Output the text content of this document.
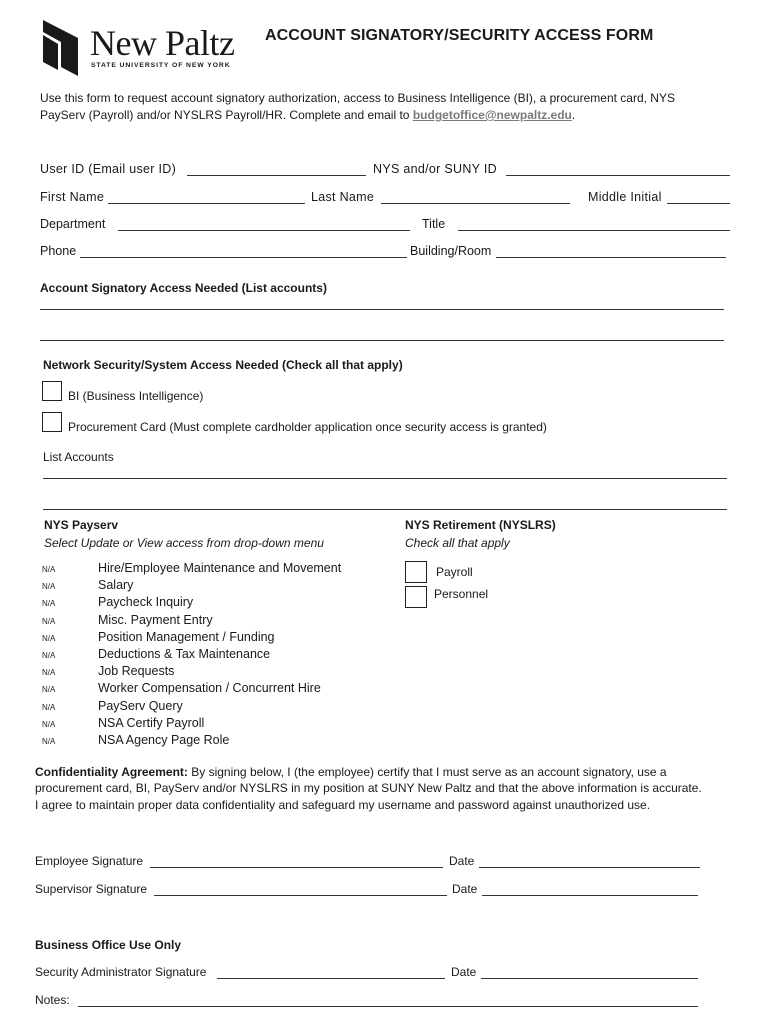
New Paltz
STATE UNIVERSITY OF NEW YORK
ACCOUNT SIGNATORY/SECURITY ACCESS FORM
Use this form to request account signatory authorization, access to Business Intelligence (BI), a procurement card, NYS
PayServ (Payroll) and/or NYSLRS Payroll/HR. Complete and email to budgetoffice@newpaltz.edu.
User ID (Email user ID)	NYS and/or SUNY ID
First Name	Last Name	Middle Initial
Department	Title
Phone	Building/Room
Account Signatory Access Needed (List accounts)
Network Security/System Access Needed (Check all that apply)
BI (Business Intelligence)
Procurement Card (Must complete cardholder application once security access is granted)
List Accounts
NYS Payserv
Select Update or View access from drop-down menu
N/A	Hire/Employee Maintenance and Movement
N/A	Salary
N/A	Paycheck Inquiry
N/A	Misc. Payment Entry
N/A	Position Management / Funding
N/A	Deductions & Tax Maintenance
N/A	Job Requests
N/A	Worker Compensation / Concurrent Hire
N/A	PayServ Query
N/A	NSA Certify Payroll
N/A	NSA Agency Page Role
NYS Retirement (NYSLRS)
Check all that apply
Payroll
Personnel
Confidentiality Agreement: By signing below, I (the employee) certify that I must serve as an account signatory, use a
procurement card, BI, PayServ and/or NYSLRS in my position at SUNY New Paltz and that the above information is accurate.
I agree to maintain proper data confidentiality and safeguard my username and password against unauthorized use.
Employee Signature	Date
Supervisor Signature	Date
Business Office Use Only
Security Administrator Signature	Date
Notes:
